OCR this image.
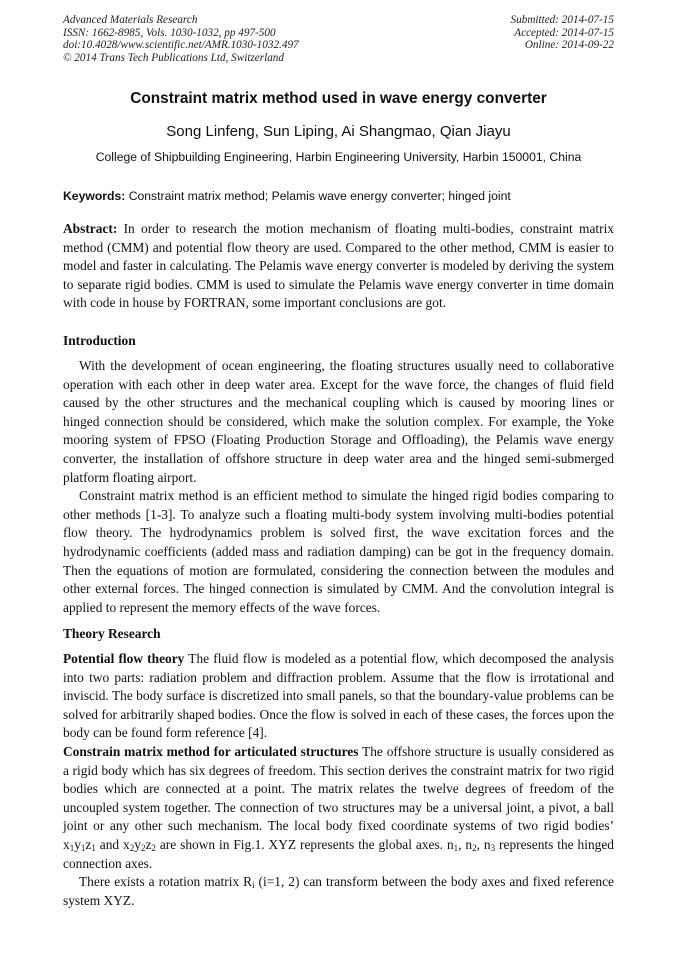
Advanced Materials Research
ISSN: 1662-8985, Vols. 1030-1032, pp 497-500
doi:10.4028/www.scientific.net/AMR.1030-1032.497
© 2014 Trans Tech Publications Ltd, Switzerland
Submitted: 2014-07-15
Accepted: 2014-07-15
Online: 2014-09-22
Constraint matrix method used in wave energy converter
Song Linfeng, Sun Liping, Ai Shangmao, Qian Jiayu
College of Shipbuilding Engineering, Harbin Engineering University, Harbin 150001, China
Keywords: Constraint matrix method; Pelamis wave energy converter; hinged joint

Abstract: In order to research the motion mechanism of floating multi-bodies, constraint matrix method (CMM) and potential flow theory are used. Compared to the other method, CMM is easier to model and faster in calculating. The Pelamis wave energy converter is modeled by deriving the system to separate rigid bodies. CMM is used to simulate the Pelamis wave energy converter in time domain with code in house by FORTRAN, some important conclusions are got.

Introduction

With the development of ocean engineering, the floating structures usually need to collaborative operation with each other in deep water area. Except for the wave force, the changes of fluid field caused by the other structures and the mechanical coupling which is caused by mooring lines or hinged connection should be considered, which make the solution complex. For example, the Yoke mooring system of FPSO (Floating Production Storage and Offloading), the Pelamis wave energy converter, the installation of offshore structure in deep water area and the hinged semi-submerged platform floating airport.

Constraint matrix method is an efficient method to simulate the hinged rigid bodies comparing to other methods [1-3]. To analyze such a floating multi-body system involving multi-bodies potential flow theory. The hydrodynamics problem is solved first, the wave excitation forces and the hydrodynamic coefficients (added mass and radiation damping) can be got in the frequency domain. Then the equations of motion are formulated, considering the connection between the modules and other external forces. The hinged connection is simulated by CMM. And the convolution integral is applied to represent the memory effects of the wave forces.

Theory Research

Potential flow theory The fluid flow is modeled as a potential flow, which decomposed the analysis into two parts: radiation problem and diffraction problem. Assume that the flow is irrotational and inviscid. The body surface is discretized into small panels, so that the boundary-value problems can be solved for arbitrarily shaped bodies. Once the flow is solved in each of these cases, the forces upon the body can be found form reference [4].

Constrain matrix method for articulated structures The offshore structure is usually considered as a rigid body which has six degrees of freedom. This section derives the constraint matrix for two rigid bodies which are connected at a point. The matrix relates the twelve degrees of freedom of the uncoupled system together. The connection of two structures may be a universal joint, a pivot, a ball joint or any other such mechanism. The local body fixed coordinate systems of two rigid bodies’ $x_1y_1z_1$ and $x_2y_2z_2$ are shown in Fig.1. XYZ represents the global axes. $n_1$, $n_2$, $n_3$ represents the hinged connection axes.

There exists a rotation matrix $R_i$ (i=1, 2) can transform between the body axes and fixed reference system XYZ.
